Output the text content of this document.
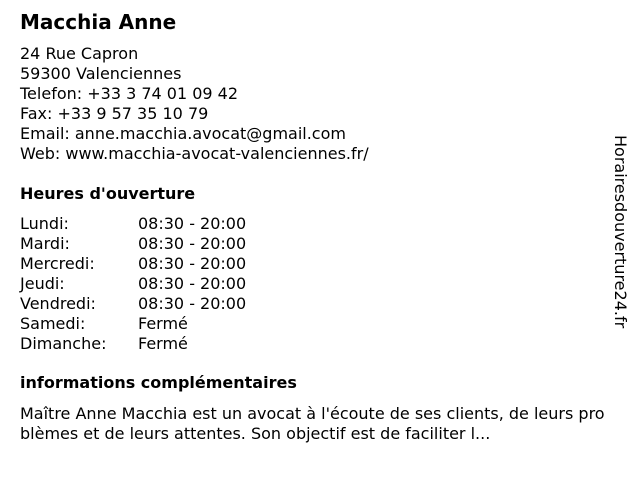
Macchia Anne
24 Rue Capron
59300 Valenciennes
Telefon: +33 3 74 01 09 42
Fax: +33 9 57 35 10 79
Email: anne.macchia.avocat@gmail.com
Web: www.macchia-avocat-valenciennes.fr/
Heures d'ouverture
Lundi:	08:30 - 20:00
Mardi:	08:30 - 20:00
Mercredi:	08:30 - 20:00
Jeudi:	08:30 - 20:00
Vendredi:	08:30 - 20:00
Samedi:	Fermé
Dimanche:	Fermé
informations complémentaires
Maître Anne Macchia est un avocat à l'écoute de ses clients, de leurs problèmes et de leurs attentes. Son objectif est de faciliter l...
Horairesdouverture24.fr
